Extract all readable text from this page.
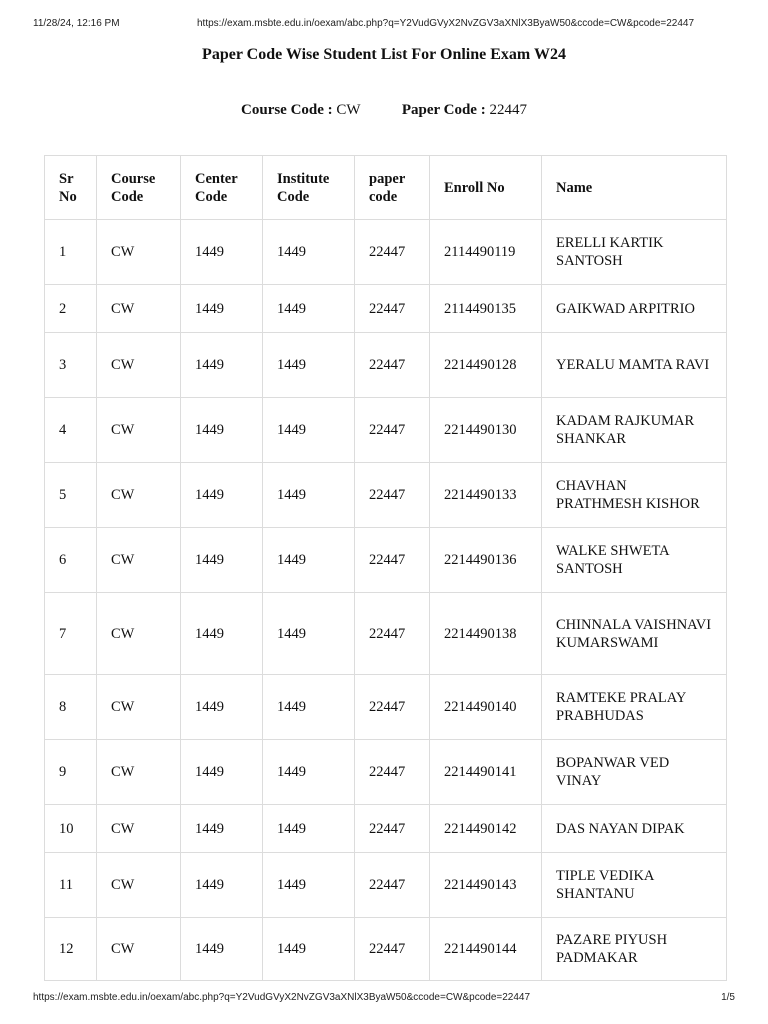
11/28/24, 12:16 PM	https://exam.msbte.edu.in/oexam/abc.php?q=Y2VudGVyX2NvZGV3aXNlX3ByaW50&ccode=CW&pcode=22447
Paper Code Wise Student List For Online Exam W24
Course Code : CW	Paper Code : 22447
Sr No	Course Code	Center Code	Institute Code	paper code	Enroll No	Name
1	CW	1449	1449	22447	2114490119	ERELLI KARTIK SANTOSH
2	CW	1449	1449	22447	2114490135	GAIKWAD ARPITRIO
3	CW	1449	1449	22447	2214490128	YERALU MAMTA RAVI
4	CW	1449	1449	22447	2214490130	KADAM RAJKUMAR SHANKAR
5	CW	1449	1449	22447	2214490133	CHAVHAN PRATHMESH KISHOR
6	CW	1449	1449	22447	2214490136	WALKE SHWETA SANTOSH
7	CW	1449	1449	22447	2214490138	CHINNALA VAISHNAVI KUMARSWAMI
8	CW	1449	1449	22447	2214490140	RAMTEKE PRALAY PRABHUDAS
9	CW	1449	1449	22447	2214490141	BOPANWAR VED VINAY
10	CW	1449	1449	22447	2214490142	DAS NAYAN DIPAK
11	CW	1449	1449	22447	2214490143	TIPLE VEDIKA SHANTANU
12	CW	1449	1449	22447	2214490144	PAZARE PIYUSH PADMAKAR
https://exam.msbte.edu.in/oexam/abc.php?q=Y2VudGVyX2NvZGV3aXNlX3ByaW50&ccode=CW&pcode=22447	1/5
